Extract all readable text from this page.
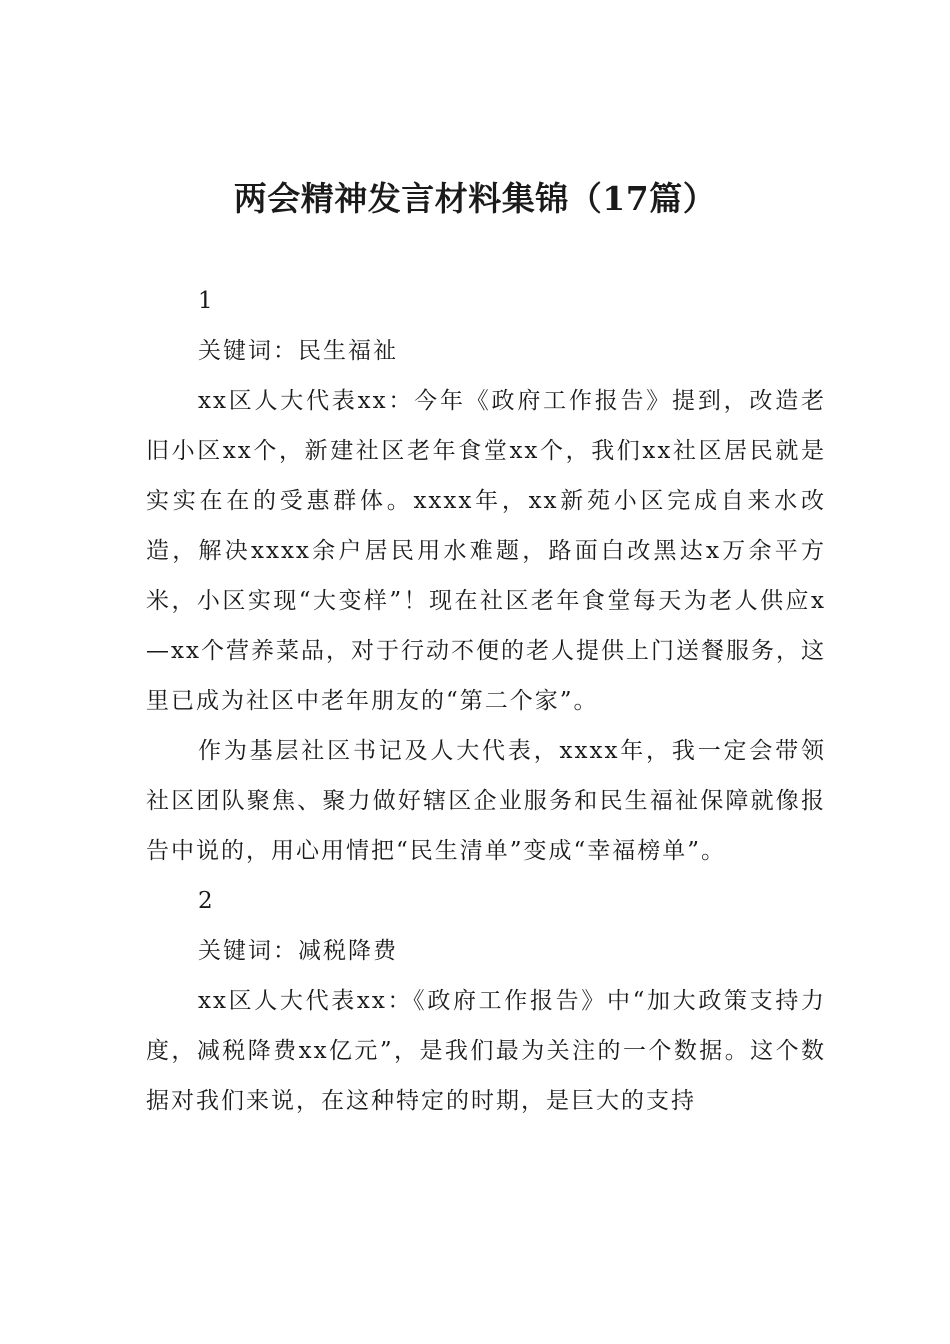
两会精神发言材料集锦（17篇）

1

关键词：民生福祉

xx区人大代表xx：今年《政府工作报告》提到，改造老旧小区xx个，新建社区老年食堂xx个，我们xx社区居民就是实实在在的受惠群体。xxxx年，xx新苑小区完成自来水改造，解决xxxx余户居民用水难题，路面白改黑达x万余平方米，小区实现“大变样”！现在社区老年食堂每天为老人供应x—xx个营养菜品，对于行动不便的老人提供上门送餐服务，这里已成为社区中老年朋友的“第二个家”。

作为基层社区书记及人大代表，xxxx年，我一定会带领社区团队聚焦、聚力做好辖区企业服务和民生福祉保障就像报告中说的，用心用情把“民生清单”变成“幸福榜单”。

2

关键词：减税降费

xx区人大代表xx：《政府工作报告》中“加大政策支持力度，减税降费xx亿元”，是我们最为关注的一个数据。这个数据对我们来说，在这种特定的时期，是巨大的支持
